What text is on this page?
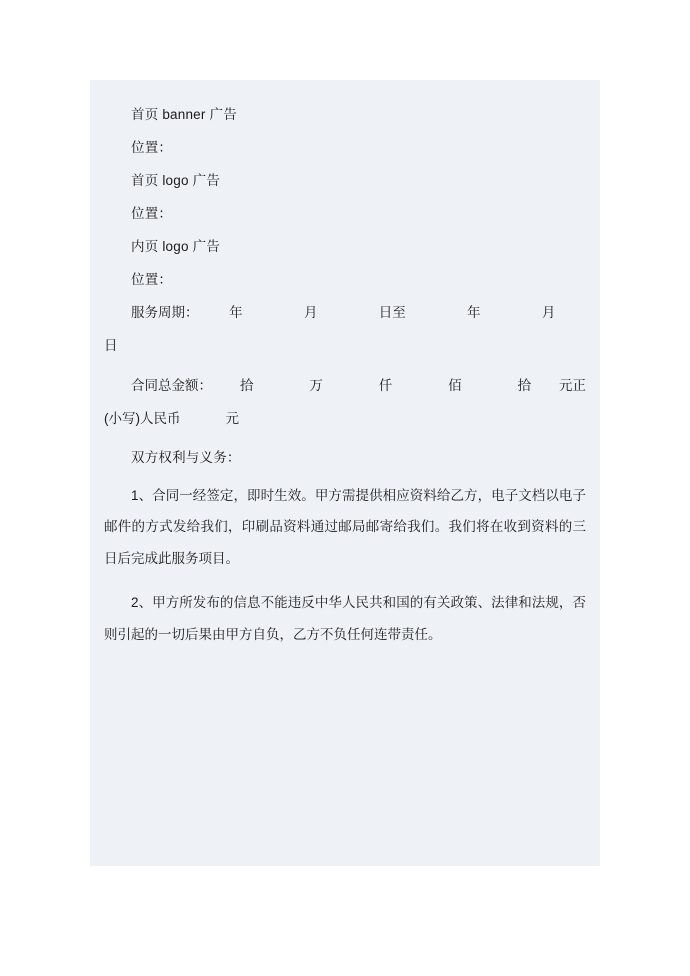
首页 banner 广告

位置：

首页 logo 广告

位置：

内页 logo 广告

位置：

服务周期：	年	月	日至	年	月
日
合同总金额：	拾	万	仟	佰	拾	元正
(小写)人民币            元

双方权利与义务：

1、合同一经签定，即时生效。甲方需提供相应资料给乙方，电子文档以电子邮件的方式发给我们，印刷品资料通过邮局邮寄给我们。我们将在收到资料的三日后完成此服务项目。

2、甲方所发布的信息不能违反中华人民共和国的有关政策、法律和法规，否则引起的一切后果由甲方自负，乙方不负任何连带责任。
